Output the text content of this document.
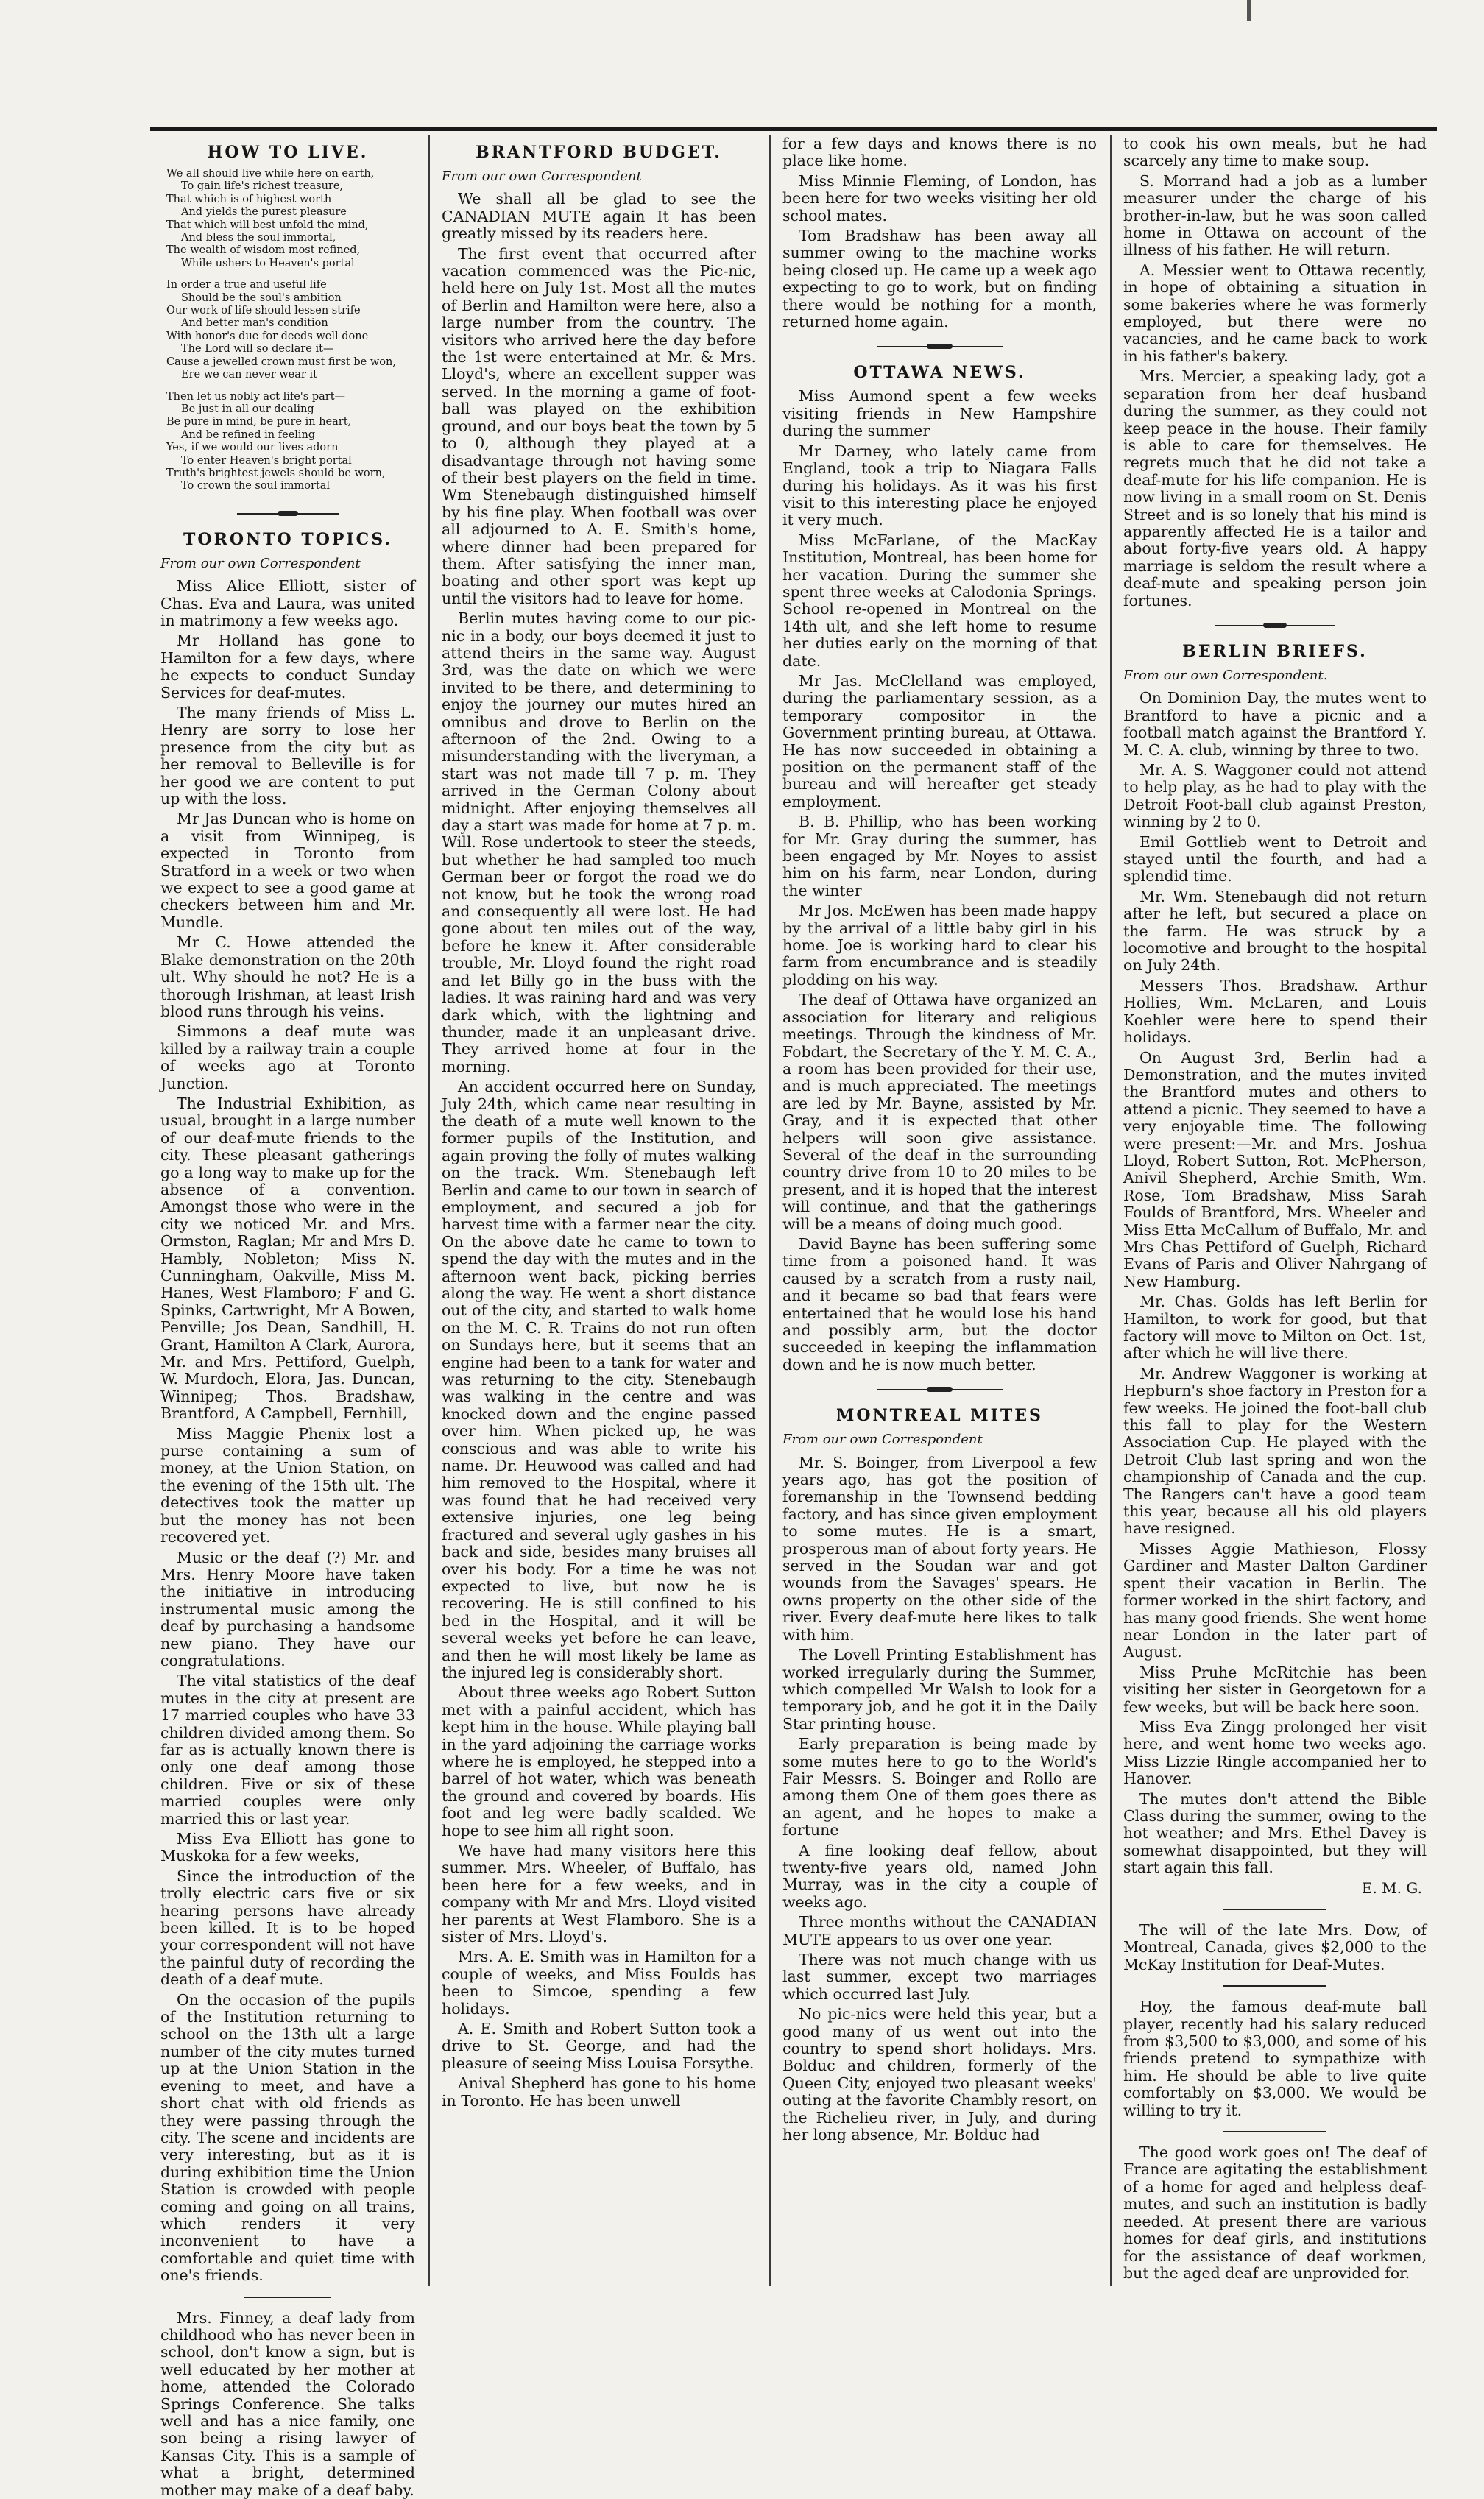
HOW TO LIVE.
We all should live while here on earth,
To gain life's richest treasure,
That which is of highest worth
And yields the purest pleasure
That which will best unfold the mind,
And bless the soul immortal,
The wealth of wisdom most refined,
While ushers to Heaven's portal
In order a true and useful life
Should be the soul's ambition
Our work of life should lessen strife
And better man's condition
With honor's due for deeds well done
The Lord will so declare it—
Cause a jewelled crown must first be won,
Ere we can never wear it
Then let us nobly act life's part—
Be just in all our dealing
Be pure in mind, be pure in heart,
And be refined in feeling
Yes, if we would our lives adorn
To enter Heaven's bright portal
Truth's brightest jewels should be worn,
To crown the soul immortal
TORONTO TOPICS.
From our own Correspondent

Miss Alice Elliott, sister of Chas. Eva and Laura, was united in matrimony a few weeks ago.

Mr Holland has gone to Hamilton for a few days, where he expects to conduct Sunday Services for deaf-mutes.

The many friends of Miss L. Henry are sorry to lose her presence from the city but as her removal to Belleville is for her good we are content to put up with the loss.

Mr Jas Duncan who is home on a visit from Winnipeg, is expected in Toronto from Stratford in a week or two when we expect to see a good game at checkers between him and Mr. Mundle.

Mr C. Howe attended the Blake demonstration on the 20th ult. Why should he not? He is a thorough Irishman, at least Irish blood runs through his veins.

Simmons a deaf mute was killed by a railway train a couple of weeks ago at Toronto Junction.

The Industrial Exhibition, as usual, brought in a large number of our deaf-mute friends to the city. These pleasant gatherings go a long way to make up for the absence of a convention. Amongst those who were in the city we noticed Mr. and Mrs. Ormston, Raglan; Mr and Mrs D. Hambly, Nobleton; Miss N. Cunningham, Oakville, Miss M. Hanes, West Flamboro; F and G. Spinks, Cartwright, Mr A Bowen, Penville; Jos Dean, Sandhill, H. Grant, Hamilton A Clark, Aurora, Mr. and Mrs. Pettiford, Guelph, W. Murdoch, Elora, Jas. Duncan, Winnipeg; Thos. Bradshaw, Brantford, A Campbell, Fernhill,

Miss Maggie Phenix lost a purse containing a sum of money, at the Union Station, on the evening of the 15th ult. The detectives took the matter up but the money has not been recovered yet.

Music or the deaf (?) Mr. and Mrs. Henry Moore have taken the initiative in introducing instrumental music among the deaf by purchasing a handsome new piano. They have our congratulations.

The vital statistics of the deaf mutes in the city at present are 17 married couples who have 33 children divided among them. So far as is actually known there is only one deaf among those children. Five or six of these married couples were only married this or last year.

Miss Eva Elliott has gone to Muskoka for a few weeks,

Since the introduction of the trolly electric cars five or six hearing persons have already been killed. It is to be hoped your correspondent will not have the painful duty of recording the death of a deaf mute.

On the occasion of the pupils of the Institution returning to school on the 13th ult a large number of the city mutes turned up at the Union Station in the evening to meet, and have a short chat with old friends as they were passing through the city. The scene and incidents are very interesting, but as it is during exhibition time the Union Station is crowded with people coming and going on all trains, which renders it very inconvenient to have a comfortable and quiet time with one's friends.

Mrs. Finney, a deaf lady from childhood who has never been in school, don't know a sign, but is well educated by her mother at home, attended the Colorado Springs Conference. She talks well and has a nice family, one son being a rising lawyer of Kansas City. This is a sample of what a bright, determined mother may make of a deaf baby.

BRANTFORD BUDGET.
From our own Correspondent

We shall all be glad to see the CANADIAN MUTE again It has been greatly missed by its readers here.

The first event that occurred after vacation commenced was the Pic-nic, held here on July 1st. Most all the mutes of Berlin and Hamilton were here, also a large number from the country. The visitors who arrived here the day before the 1st were entertained at Mr. & Mrs. Lloyd's, where an excellent supper was served. In the morning a game of foot-ball was played on the exhibition ground, and our boys beat the town by 5 to 0, although they played at a disadvantage through not having some of their best players on the field in time. Wm Stenebaugh distinguished himself by his fine play. When football was over all adjourned to A. E. Smith's home, where dinner had been prepared for them. After satisfying the inner man, boating and other sport was kept up until the visitors had to leave for home.

Berlin mutes having come to our pic-nic in a body, our boys deemed it just to attend theirs in the same way. August 3rd, was the date on which we were invited to be there, and determining to enjoy the journey our mutes hired an omnibus and drove to Berlin on the afternoon of the 2nd. Owing to a misunderstanding with the liveryman, a start was not made till 7 p. m. They arrived in the German Colony about midnight. After enjoying themselves all day a start was made for home at 7 p. m. Will. Rose undertook to steer the steeds, but whether he had sampled too much German beer or forgot the road we do not know, but he took the wrong road and consequently all were lost. He had gone about ten miles out of the way, before he knew it. After considerable trouble, Mr. Lloyd found the right road and let Billy go in the buss with the ladies. It was raining hard and was very dark which, with the lightning and thunder, made it an unpleasant drive. They arrived home at four in the morning.

An accident occurred here on Sunday, July 24th, which came near resulting in the death of a mute well known to the former pupils of the Institution, and again proving the folly of mutes walking on the track. Wm. Stenebaugh left Berlin and came to our town in search of employment, and secured a job for harvest time with a farmer near the city. On the above date he came to town to spend the day with the mutes and in the afternoon went back, picking berries along the way. He went a short distance out of the city, and started to walk home on the M. C. R. Trains do not run often on Sundays here, but it seems that an engine had been to a tank for water and was returning to the city. Stenebaugh was walking in the centre and was knocked down and the engine passed over him. When picked up, he was conscious and was able to write his name. Dr. Heuwood was called and had him removed to the Hospital, where it was found that he had received very extensive injuries, one leg being fractured and several ugly gashes in his back and side, besides many bruises all over his body. For a time he was not expected to live, but now he is recovering. He is still confined to his bed in the Hospital, and it will be several weeks yet before he can leave, and then he will most likely be lame as the injured leg is considerably short.

About three weeks ago Robert Sutton met with a painful accident, which has kept him in the house. While playing ball in the yard adjoining the carriage works where he is employed, he stepped into a barrel of hot water, which was beneath the ground and covered by boards. His foot and leg were badly scalded. We hope to see him all right soon.

We have had many visitors here this summer. Mrs. Wheeler, of Buffalo, has been here for a few weeks, and in company with Mr and Mrs. Lloyd visited her parents at West Flamboro. She is a sister of Mrs. Lloyd's.

Mrs. A. E. Smith was in Hamilton for a couple of weeks, and Miss Foulds has been to Simcoe, spending a few holidays.

A. E. Smith and Robert Sutton took a drive to St. George, and had the pleasure of seeing Miss Louisa Forsythe.

Anival Shepherd has gone to his home in Toronto. He has been unwell

for a few days and knows there is no place like home.

Miss Minnie Fleming, of London, has been here for two weeks visiting her old school mates.

Tom Bradshaw has been away all summer owing to the machine works being closed up. He came up a week ago expecting to go to work, but on finding there would be nothing for a month, returned home again.

OTTAWA NEWS.

Miss Aumond spent a few weeks visiting friends in New Hampshire during the summer

Mr Darney, who lately came from England, took a trip to Niagara Falls during his holidays. As it was his first visit to this interesting place he enjoyed it very much.

Miss McFarlane, of the MacKay Institution, Montreal, has been home for her vacation. During the summer she spent three weeks at Calodonia Springs. School re-opened in Montreal on the 14th ult, and she left home to resume her duties early on the morning of that date.

Mr Jas. McClelland was employed, during the parliamentary session, as a temporary compositor in the Government printing bureau, at Ottawa. He has now succeeded in obtaining a position on the permanent staff of the bureau and will hereafter get steady employment.

B. B. Phillip, who has been working for Mr. Gray during the summer, has been engaged by Mr. Noyes to assist him on his farm, near London, during the winter

Mr Jos. McEwen has been made happy by the arrival of a little baby girl in his home. Joe is working hard to clear his farm from encumbrance and is steadily plodding on his way.

The deaf of Ottawa have organized an association for literary and religious meetings. Through the kindness of Mr. Fobdart, the Secretary of the Y. M. C. A., a room has been provided for their use, and is much appreciated. The meetings are led by Mr. Bayne, assisted by Mr. Gray, and it is expected that other helpers will soon give assistance. Several of the deaf in the surrounding country drive from 10 to 20 miles to be present, and it is hoped that the interest will continue, and that the gatherings will be a means of doing much good.

David Bayne has been suffering some time from a poisoned hand. It was caused by a scratch from a rusty nail, and it became so bad that fears were entertained that he would lose his hand and possibly arm, but the doctor succeeded in keeping the inflammation down and he is now much better.

MONTREAL MITES
From our own Correspondent

Mr. S. Boinger, from Liverpool a few years ago, has got the position of foremanship in the Townsend bedding factory, and has since given employment to some mutes. He is a smart, prosperous man of about forty years. He served in the Soudan war and got wounds from the Savages' spears. He owns property on the other side of the river. Every deaf-mute here likes to talk with him.

The Lovell Printing Establishment has worked irregularly during the Summer, which compelled Mr Walsh to look for a temporary job, and he got it in the Daily Star printing house.

Early preparation is being made by some mutes here to go to the World's Fair Messrs. S. Boinger and Rollo are among them One of them goes there as an agent, and he hopes to make a fortune

A fine looking deaf fellow, about twenty-five years old, named John Murray, was in the city a couple of weeks ago.

Three months without the CANADIAN MUTE appears to us over one year.

There was not much change with us last summer, except two marriages which occurred last July.

No pic-nics were held this year, but a good many of us went out into the country to spend short holidays. Mrs. Bolduc and children, formerly of the Queen City, enjoyed two pleasant weeks' outing at the favorite Chambly resort, on the Richelieu river, in July, and during her long absence, Mr. Bolduc had

to cook his own meals, but he had scarcely any time to make soup.

S. Morrand had a job as a lumber measurer under the charge of his brother-in-law, but he was soon called home in Ottawa on account of the illness of his father. He will return.

A. Messier went to Ottawa recently, in hope of obtaining a situation in some bakeries where he was formerly employed, but there were no vacancies, and he came back to work in his father's bakery.

Mrs. Mercier, a speaking lady, got a separation from her deaf husband during the summer, as they could not keep peace in the house. Their family is able to care for themselves. He regrets much that he did not take a deaf-mute for his life companion. He is now living in a small room on St. Denis Street and is so lonely that his mind is apparently affected He is a tailor and about forty-five years old. A happy marriage is seldom the result where a deaf-mute and speaking person join fortunes.

BERLIN BRIEFS.
From our own Correspondent.

On Dominion Day, the mutes went to Brantford to have a picnic and a football match against the Brantford Y. M. C. A. club, winning by three to two.

Mr. A. S. Waggoner could not attend to help play, as he had to play with the Detroit Foot-ball club against Preston, winning by 2 to 0.

Emil Gottlieb went to Detroit and stayed until the fourth, and had a splendid time.

Mr. Wm. Stenebaugh did not return after he left, but secured a place on the farm. He was struck by a locomotive and brought to the hospital on July 24th.

Messers Thos. Bradshaw. Arthur Hollies, Wm. McLaren, and Louis Koehler were here to spend their holidays.

On August 3rd, Berlin had a Demonstration, and the mutes invited the Brantford mutes and others to attend a picnic. They seemed to have a very enjoyable time. The following were present:—Mr. and Mrs. Joshua Lloyd, Robert Sutton, Rot. McPherson, Anivil Shepherd, Archie Smith, Wm. Rose, Tom Bradshaw, Miss Sarah Foulds of Brantford, Mrs. Wheeler and Miss Etta McCallum of Buffalo, Mr. and Mrs Chas Pettiford of Guelph, Richard Evans of Paris and Oliver Nahrgang of New Hamburg.

Mr. Chas. Golds has left Berlin for Hamilton, to work for good, but that factory will move to Milton on Oct. 1st, after which he will live there.

Mr. Andrew Waggoner is working at Hepburn's shoe factory in Preston for a few weeks. He joined the foot-ball club this fall to play for the Western Association Cup. He played with the Detroit Club last spring and won the championship of Canada and the cup. The Rangers can't have a good team this year, because all his old players have resigned.

Misses Aggie Mathieson, Flossy Gardiner and Master Dalton Gardiner spent their vacation in Berlin. The former worked in the shirt factory, and has many good friends. She went home near London in the later part of August.

Miss Pruhe McRitchie has been visiting her sister in Georgetown for a few weeks, but will be back here soon.

Miss Eva Zingg prolonged her visit here, and went home two weeks ago. Miss Lizzie Ringle accompanied her to Hanover.

The mutes don't attend the Bible Class during the summer, owing to the hot weather; and Mrs. Ethel Davey is somewhat disappointed, but they will start again this fall.

E. M. G.

The will of the late Mrs. Dow, of Montreal, Canada, gives $2,000 to the McKay Institution for Deaf-Mutes.

Hoy, the famous deaf-mute ball player, recently had his salary reduced from $3,500 to $3,000, and some of his friends pretend to sympathize with him. He should be able to live quite comfortably on $3,000. We would be willing to try it.

The good work goes on! The deaf of France are agitating the establishment of a home for aged and helpless deaf-mutes, and such an institution is badly needed. At present there are various homes for deaf girls, and institutions for the assistance of deaf workmen, but the aged deaf are unprovided for.
